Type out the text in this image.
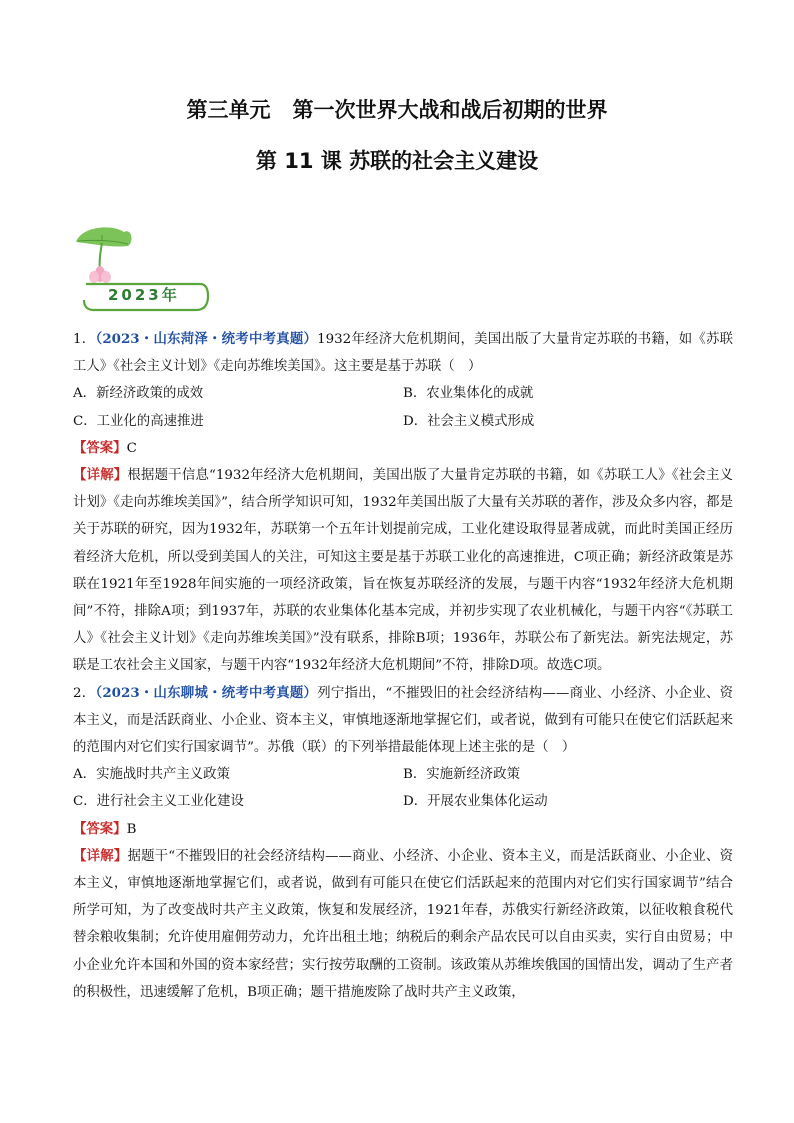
第三单元 第一次世界大战和战后初期的世界
第 11 课 苏联的社会主义建设
2023年

1．（2023・山东菏泽・统考中考真题）1932年经济大危机期间，美国出版了大量肯定苏联的书籍，如《苏联工人》《社会主义计划》《走向苏维埃美国》。这主要是基于苏联（　）

A．新经济政策的成效	B．农业集体化的成就
C．工业化的高速推进	D．社会主义模式形成

【答案】C

【详解】根据题干信息“1932年经济大危机期间，美国出版了大量肯定苏联的书籍，如《苏联工人》《社会主义计划》《走向苏维埃美国》”，结合所学知识可知，1932年美国出版了大量有关苏联的著作，涉及众多内容，都是关于苏联的研究，因为1932年，苏联第一个五年计划提前完成，工业化建设取得显著成就，而此时美国正经历着经济大危机，所以受到美国人的关注，可知这主要是基于苏联工业化的高速推进，C项正确；新经济政策是苏联在1921年至1928年间实施的一项经济政策，旨在恢复苏联经济的发展，与题干内容“1932年经济大危机期间”不符，排除A项；到1937年，苏联的农业集体化基本完成，并初步实现了农业机械化，与题干内容“《苏联工人》《社会主义计划》《走向苏维埃美国》”没有联系，排除B项；1936年，苏联公布了新宪法。新宪法规定，苏联是工农社会主义国家，与题干内容“1932年经济大危机期间”不符，排除D项。故选C项。

2．（2023・山东聊城・统考中考真题）列宁指出，“不摧毁旧的社会经济结构——商业、小经济、小企业、资本主义，而是活跃商业、小企业、资本主义，审慎地逐渐地掌握它们，或者说，做到有可能只在使它们活跃起来的范围内对它们实行国家调节”。苏俄（联）的下列举措最能体现上述主张的是（　）

A．实施战时共产主义政策	B．实施新经济政策
C．进行社会主义工业化建设	D．开展农业集体化运动

【答案】B

【详解】据题干“不摧毁旧的社会经济结构——商业、小经济、小企业、资本主义，而是活跃商业、小企业、资本主义，审慎地逐渐地掌握它们，或者说，做到有可能只在使它们活跃起来的范围内对它们实行国家调节”结合所学可知，为了改变战时共产主义政策，恢复和发展经济，1921年春，苏俄实行新经济政策，以征收粮食税代替余粮收集制；允许使用雇佣劳动力，允许出租土地；纳税后的剩余产品农民可以自由买卖，实行自由贸易；中小企业允许本国和外国的资本家经营；实行按劳取酬的工资制。该政策从苏维埃俄国的国情出发，调动了生产者的积极性，迅速缓解了危机，B项正确；题干措施废除了战时共产主义政策，
